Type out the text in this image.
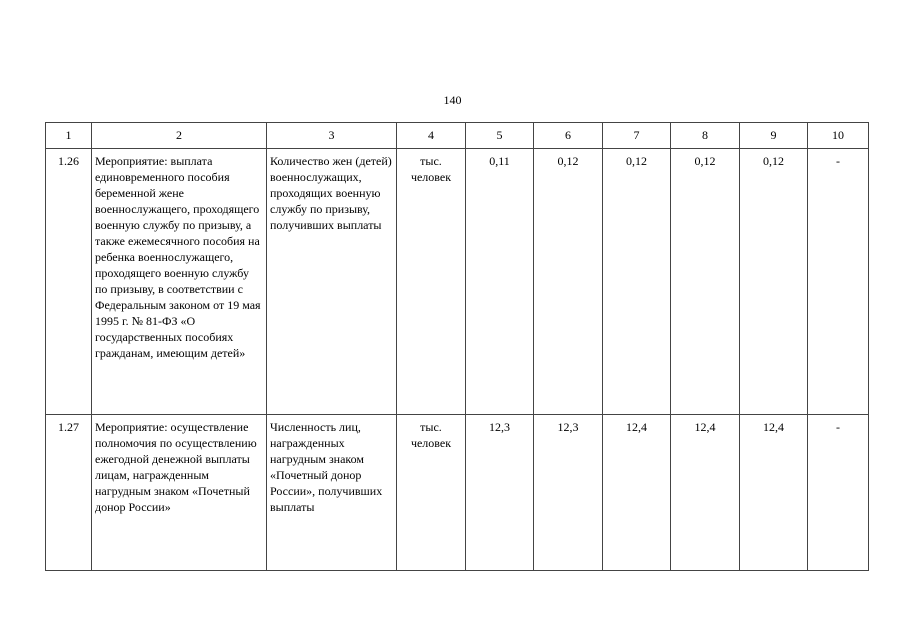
140
1	2	3	4	5	6	7	8	9	10
1.26	Мероприятие: выплата единовременного пособия беременной жене военнослужащего, проходящего военную службу по призыву, а также ежемесячного пособия на ребенка военнослужащего, проходящего военную службу по призыву, в соответствии с Федеральным законом от 19 мая 1995 г. № 81-ФЗ «О государственных пособиях гражданам, имеющим детей»	Количество жен (детей) военнослужащих, проходящих военную службу по призыву, получивших выплаты	тыс. человек	0,11	0,12	0,12	0,12	0,12	-
1.27	Мероприятие: осуществление полномочия по осуществлению ежегодной денежной выплаты лицам, награжденным нагрудным знаком «Почетный донор России»	Численность лиц, награжденных нагрудным знаком «Почетный донор России», получивших выплаты	тыс. человек	12,3	12,3	12,4	12,4	12,4	-
